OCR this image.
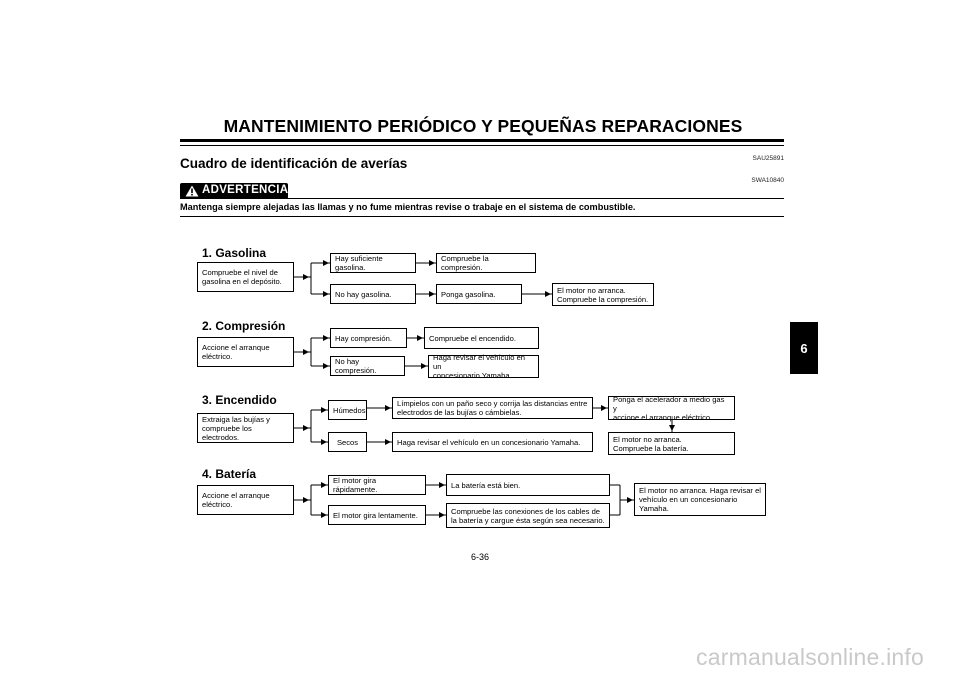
MANTENIMIENTO PERIÓDICO Y PEQUEÑAS REPARACIONES
Cuadro de identificación de averías	SAU25891
SWA10840
ADVERTENCIA
Mantenga siempre alejadas las llamas y no fume mientras revise o trabaje en el sistema de combustible.
1. Gasolina
Compruebe el nivel de
gasolina en el depósito.
Hay suficiente gasolina.
Compruebe la compresión.
No hay gasolina.	Ponga gasolina.	El motor no arranca.
Compruebe la compresión.
2. Compresión
Accione el arranque
eléctrico.
Hay compresión.	Compruebe el encendido.
No hay compresión.
Haga revisar el vehículo en un
concesionario Yamaha.
3. Encendido
Extraiga las bujías y
compruebe los electrodos.
Húmedos
Límpielos con un paño seco y corrija las distancias entre
electrodos de las bujías o cámbielas.
Ponga el acelerador a medio gas y
accione el arranque eléctrico.
El motor no arranca.
Compruebe la batería.
Secos	Haga revisar el vehículo en un concesionario Yamaha.
4. Batería
Accione el arranque
eléctrico.
El motor gira rápidamente.	La batería está bien.
El motor gira lentamente.	Compruebe las conexiones de los cables de
la batería y cargue ésta según sea necesario.
El motor no arranca. Haga revisar el
vehículo en un concesionario
Yamaha.
6
6-36
carmanualsonline.info
